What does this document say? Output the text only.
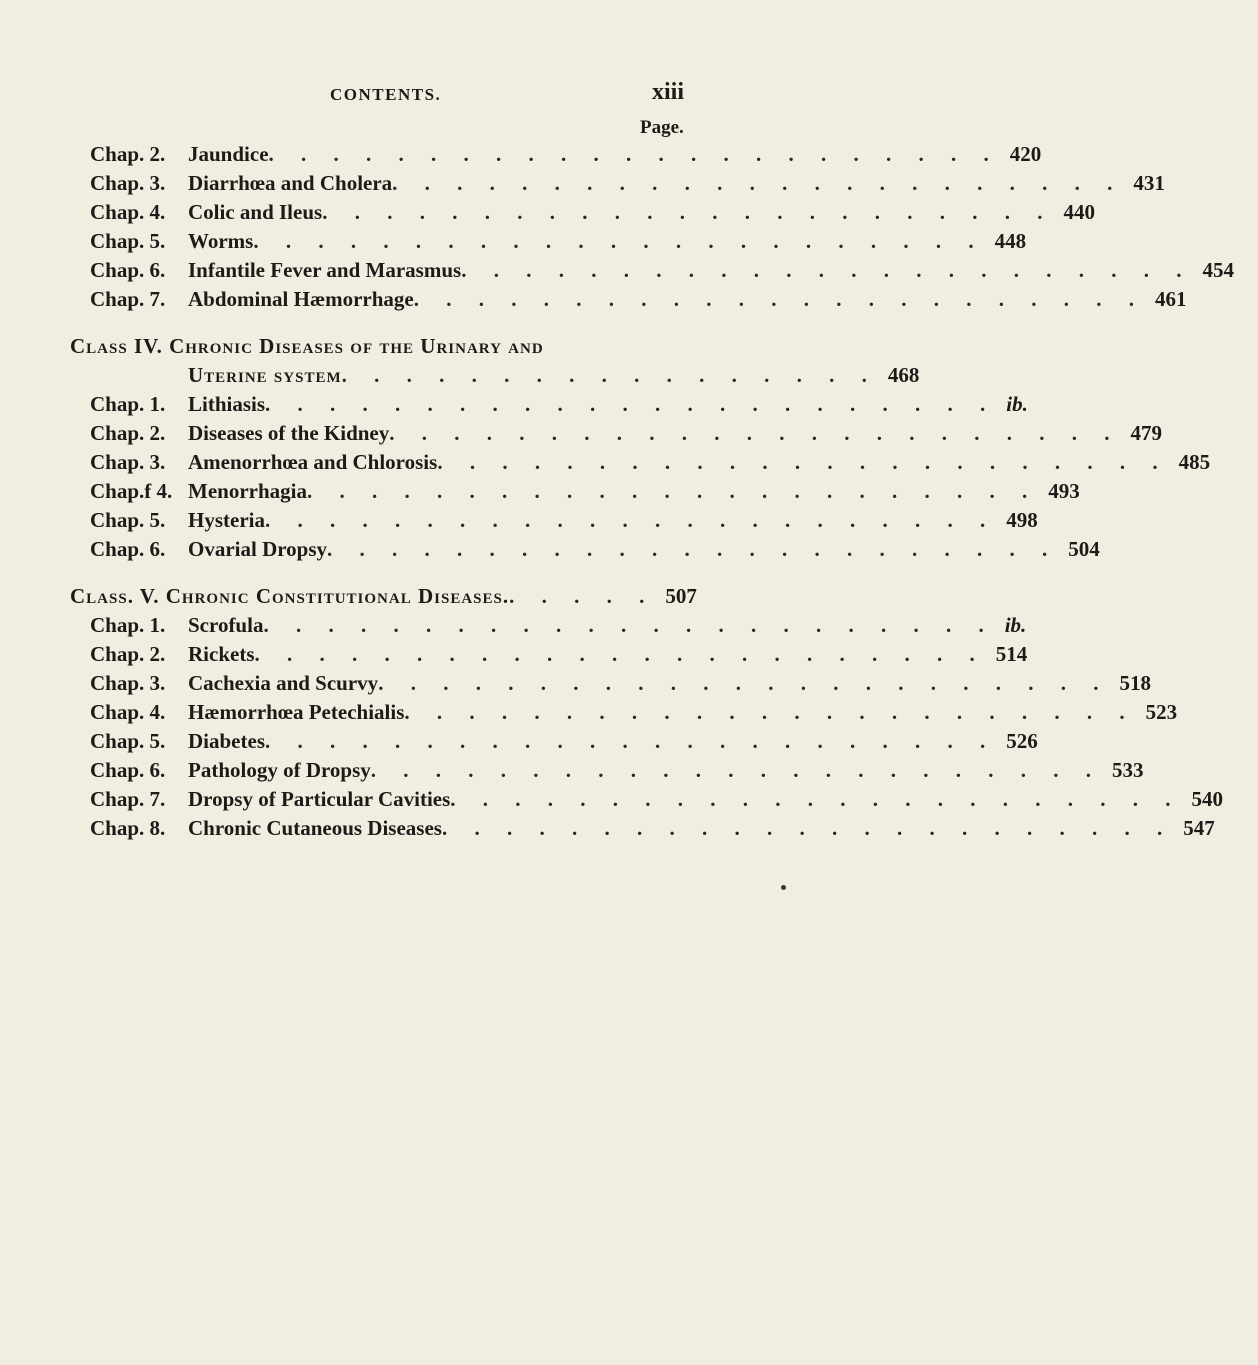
CONTENTS.	xiii
Page.
Chap. 2.	Jaundice . . . . . . . . . . . . . . . . . . . . . . . 420
Chap. 3.	Diarrhœa and Cholera . . . . . . . . . . . . . . . . . . . . . . . 431
Chap. 4.	Colic and Ileus . . . . . . . . . . . . . . . . . . . . . . . 440
Chap. 5.	Worms . . . . . . . . . . . . . . . . . . . . . . . 448
Chap. 6.	Infantile Fever and Marasmus . . . . . . . . . . . . . . . . . . . . . . . 454
Chap. 7.	Abdominal Hæmorrhage . . . . . . . . . . . . . . . . . . . . . . . 461
Class IV. Chronic Diseases of the Urinary and
Uterine system . . . . . . . . . . . . . . . . . 468
Chap. 1.	Lithiasis . . . . . . . . . . . . . . . . . . . . . . . ib.
Chap. 2.	Diseases of the Kidney . . . . . . . . . . . . . . . . . . . . . . . 479
Chap. 3.	Amenorrhœa and Chlorosis . . . . . . . . . . . . . . . . . . . . . . . 485
Chap.f 4. Menorrhagia . . . . . . . . . . . . . . . . . . . . . . . 493
Chap. 5.	Hysteria . . . . . . . . . . . . . . . . . . . . . . . 498
Chap. 6.	Ovarial Dropsy . . . . . . . . . . . . . . . . . . . . . . . 504
Class. V. Chronic Constitutional Diseases. . . . . . 507
Chap. 1.	Scrofula . . . . . . . . . . . . . . . . . . . . . . . ib.
Chap. 2.	Rickets . . . . . . . . . . . . . . . . . . . . . . . 514
Chap. 3.	Cachexia and Scurvy . . . . . . . . . . . . . . . . . . . . . . . 518
Chap. 4.	Hæmorrhœa Petechialis . . . . . . . . . . . . . . . . . . . . . . . 523
Chap. 5.	Diabetes . . . . . . . . . . . . . . . . . . . . . . . 526
Chap. 6.	Pathology of Dropsy . . . . . . . . . . . . . . . . . . . . . . . 533
Chap. 7.	Dropsy of Particular Cavities . . . . . . . . . . . . . . . . . . . . . . . 540
Chap. 8.	Chronic Cutaneous Diseases . . . . . . . . . . . . . . . . . . . . . . . 547
